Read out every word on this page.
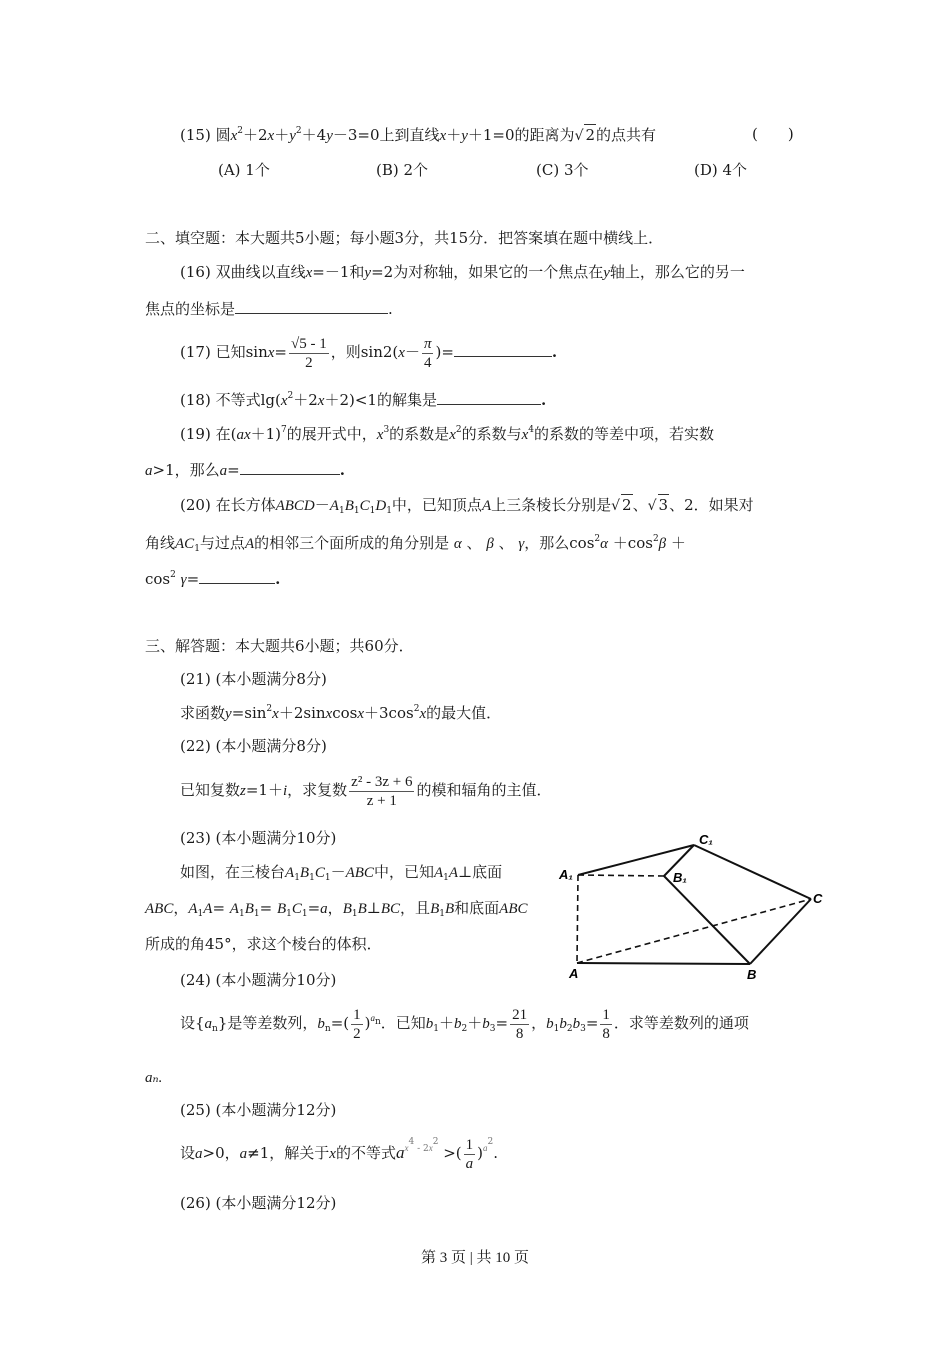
(15) 圆$x^2+2x+y^2+4y-3=0$上到直线x＋y＋1=0的距离为√ 2的点共有	(　　)
(A) 1个	(B) 2个	(C) 3个	(D) 4个
二、填空题：本大题共5小题；每小题3分，共15分．把答案填在题中横线上．
(16) 双曲线以直线x=－1和y=2为对称轴，如果它的一个焦点在y轴上，那么它的另一
焦点的坐标是	.
(17) 已知$\sin x= \frac{√5 - 1}{2}$ ，则$\sin 2(x- \frac{\pi}{4}$ )=	.
(18) 不等式$\lg(x^2+2x+2)<1$的解集是	.
(19) 在$(ax+1)^7$的展开式中，$x^3$的系数是$x^2$的系数与$x^4$的系数的等差中项，若实数
a>1，那么a=	.
(20) 在长方体$ABCD-A_1B_1C_1D_1$中，已知顶点A上三条棱长分别是√ 2、√ 3、2．如果对
角线$AC_1$与过点A的相邻三个面所成的角分别是 α 、 β 、 γ，那么$\cos^2\alpha +\cos^2\beta$ ＋
$\cos^2 \gamma=$	.
三、解答题：本大题共6小题；共60分．
(21) (本小题满分8分)
求函数$y=\sin^2x+2sinxcosx+3\cos^2x$的最大值．
(22) (本小题满分8分)
已知复数z=1＋i，求复数 $\frac{\text{z² - 3z + 6}}{z + 1}$ 的模和辐角的主值．
(23) (本小题满分10分)
如图，在三棱台$A_1B_1C_1-ABC$中，已知$A_1A\perp$底面
ABC，$A_1A= A_1B_1= B_1C_1=a$，$B_1B\perp BC$，且$B_1B$和底面ABC
所成的角45°，求这个棱台的体积．
A₁	B₁
C₁
C
A	B
(24) (本小题满分10分)
设$\{a_n\}$是等差数列，$b_n=( \frac{1}{2} )^{a_n}$．已知$b_1+b_2+b_3= \frac{21}{8}$ ，$b_1b_2b_3= \frac{1}{8}$ ．求等差数列的通项
aₙ.
(25) (本小题满分12分)
设a>0，a≠1，解关于x的不等式$a^{x^4 - 2x^2}$ >( $\frac{1}{a} )^{a^2}$.
(26) (本小题满分12分)
第 3 页 | 共 10 页
